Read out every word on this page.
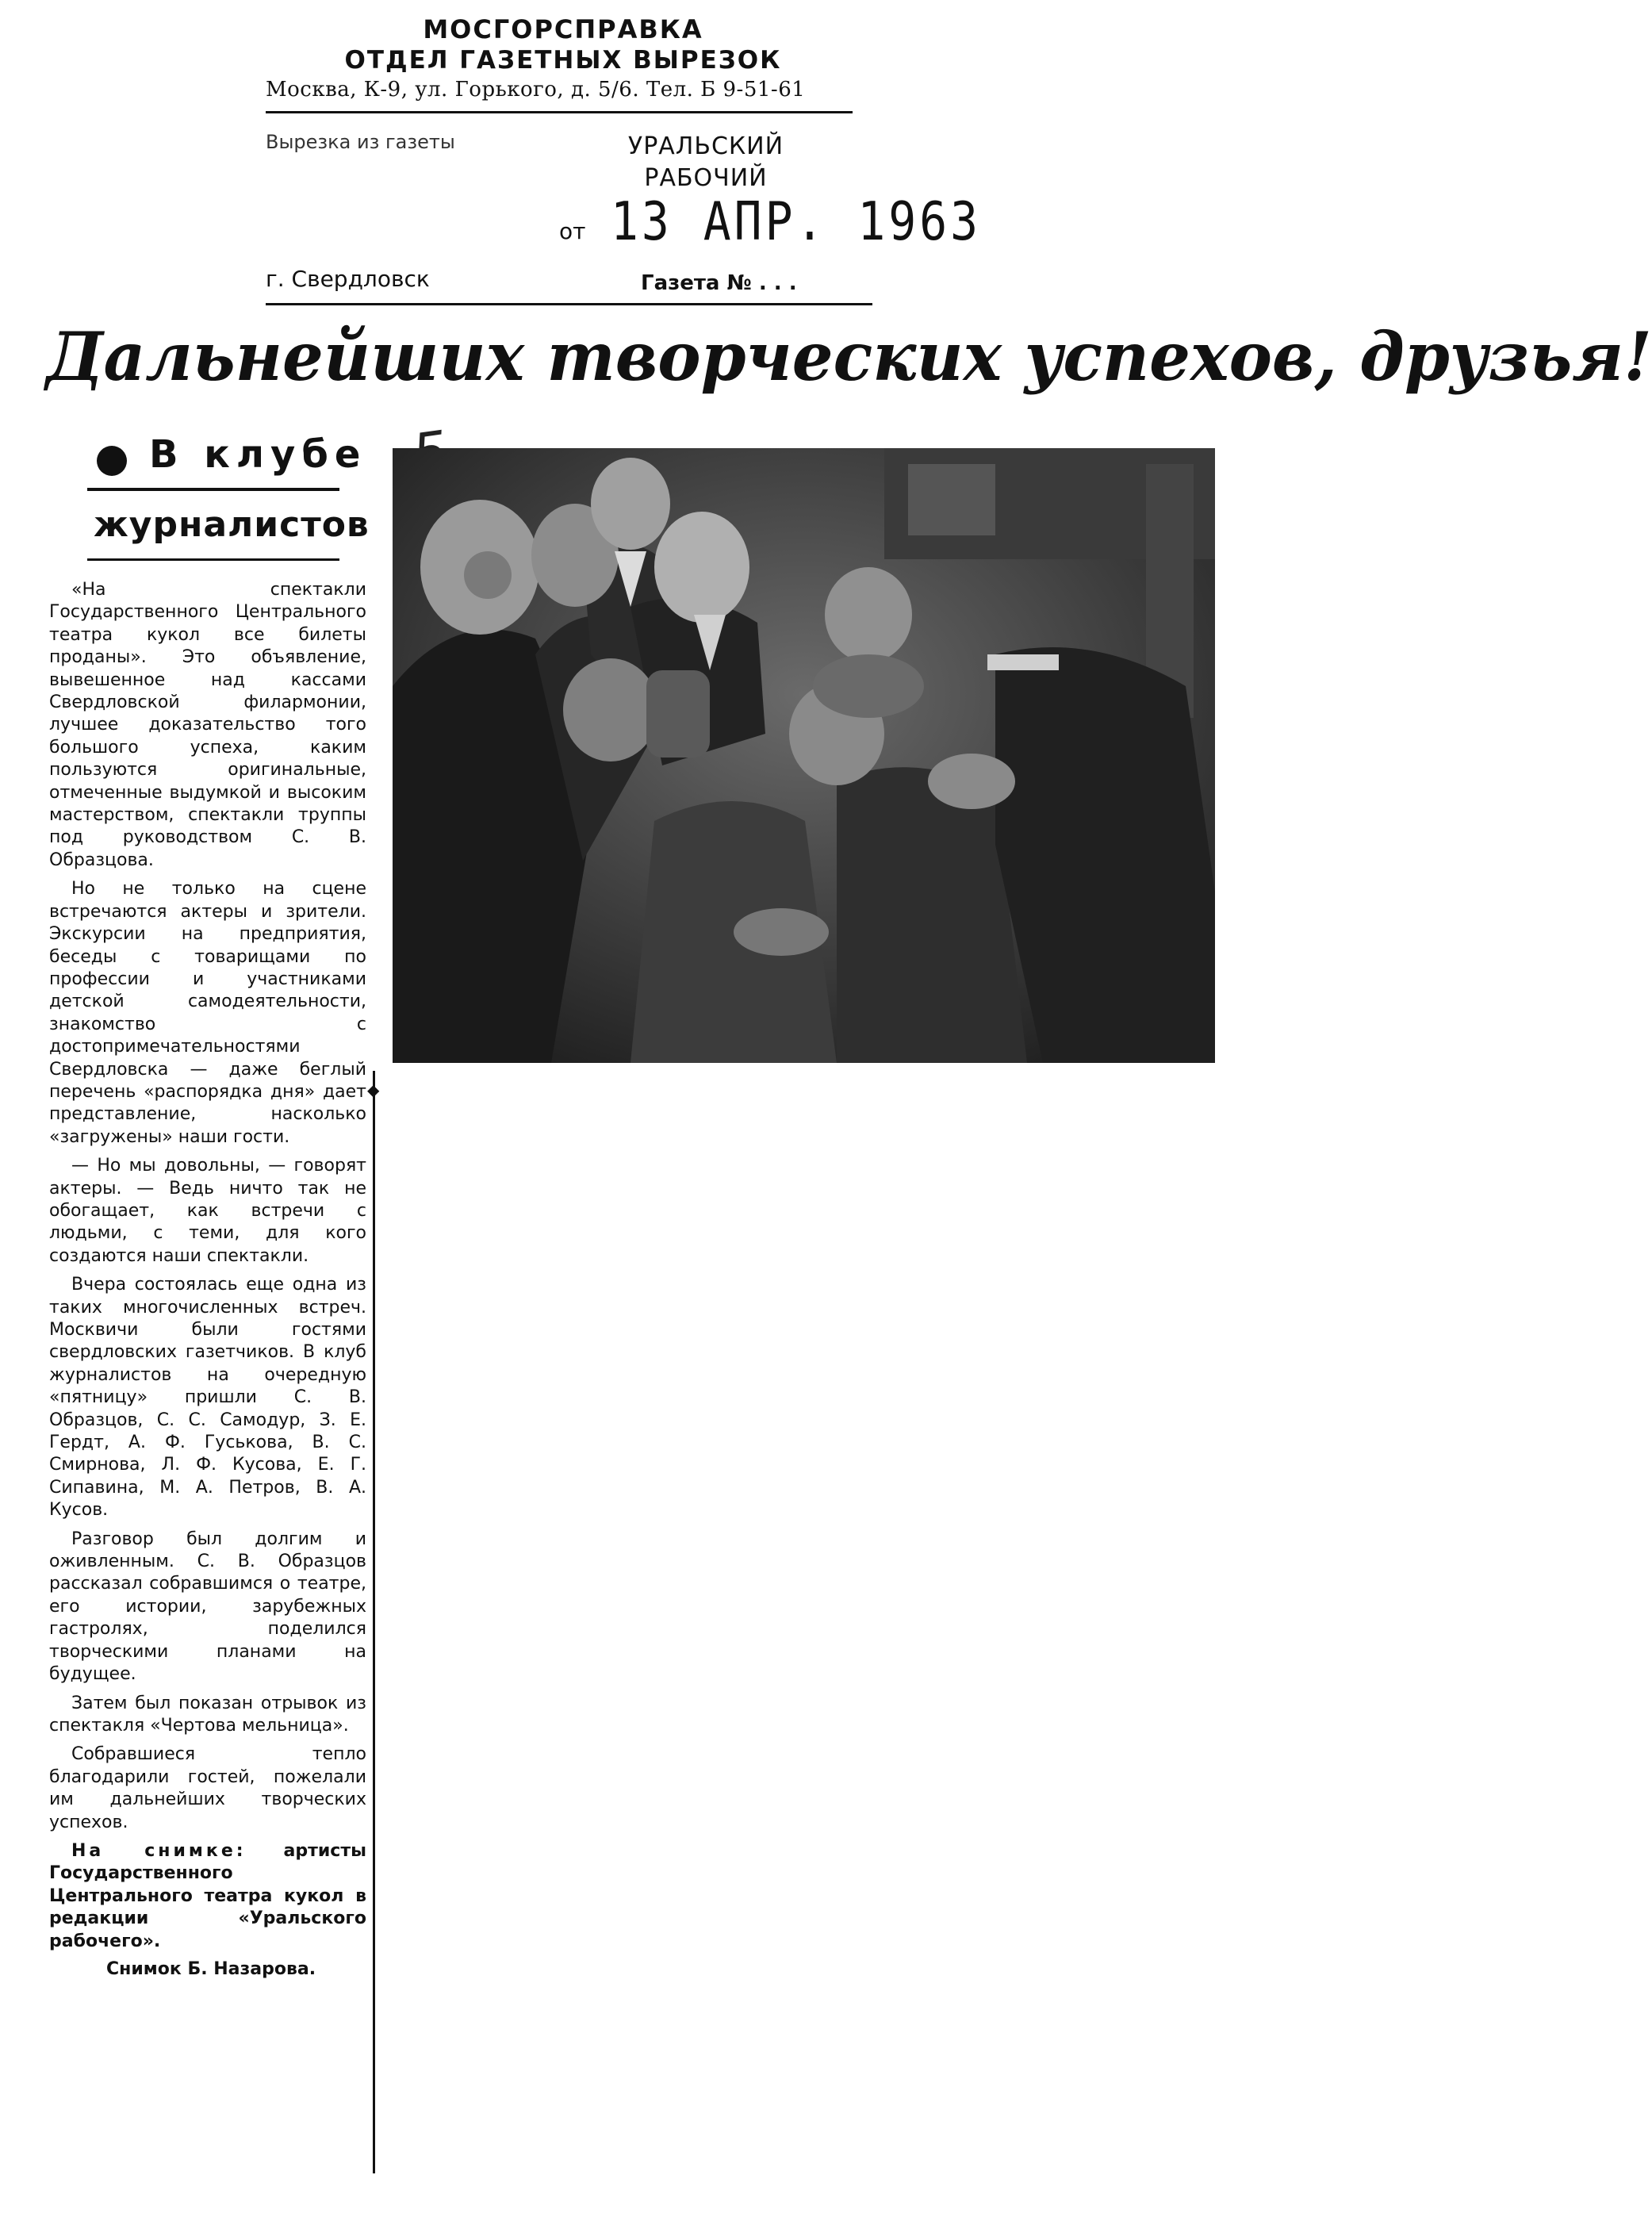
МОСГОРСПРАВКА
ОТДЕЛ ГАЗЕТНЫХ ВЫРЕЗОК
Москва, К-9, ул. Горького, д. 5/6. Тел. Б 9-51-61
Вырезка из газеты	УРАЛЬСКИЙ РАБОЧИЙ
от 13 АПР. 1963
г. Свердловск	Газета № . . .
Дальнейших творческих успехов, друзья!
В клубе
журналистов

«На спектакли Государственного Центрального театра кукол все билеты проданы». Это объявление, вывешенное над кассами Свердловской филармонии, лучшее доказательство того большого успеха, каким пользуются оригинальные, отмеченные выдумкой и высоким мастерством, спектакли труппы под руководством С. В. Образцова.

Но не только на сцене встречаются актеры и зрители. Экскурсии на предприятия, беседы с товарищами по профессии и участниками детской самодеятельности, знакомство с достопримечательностями Свердловска — даже беглый перечень «распорядка дня» дает представление, насколько «загружены» наши гости.

— Но мы довольны, — говорят актеры. — Ведь ничто так не обогащает, как встречи с людьми, с теми, для кого создаются наши спектакли.

Вчера состоялась еще одна из таких многочисленных встреч. Москвичи были гостями свердловских газетчиков. В клуб журналистов на очередную «пятницу» пришли С. В. Образцов, С. С. Самодур, З. Е. Гердт, А. Ф. Гуськова, В. С. Смирнова, Л. Ф. Кусова, Е. Г. Сипавина, М. А. Петров, В. А. Кусов.

Разговор был долгим и оживленным. С. В. Образцов рассказал собравшимся о театре, его истории, зарубежных гастролях, поделился творческими планами на будущее.

Затем был показан отрывок из спектакля «Чертова мельница».

Собравшиеся тепло благодарили гостей, пожелали им дальнейших творческих успехов.

На снимке: артисты Государственного Центрального театра кукол в редакции «Уральского рабочего».

Снимок Б. Назарова.
◆
